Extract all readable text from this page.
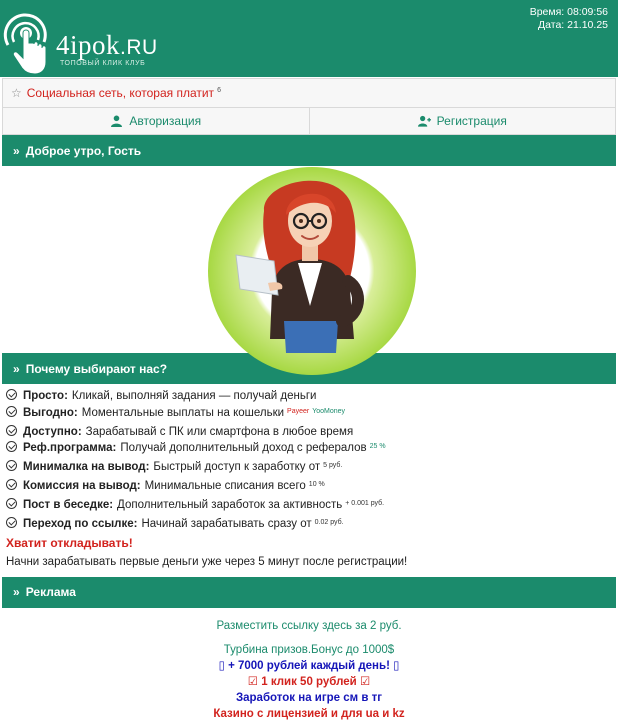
4ipok.RU
ТОПОВЫЙ КЛИК КЛУБ
Время: 08:09:56
Дата: 21.10.25
☆ Социальная сеть, которая платит $^6$
Авторизация	Регистрация
» Доброе утро, Гость
» Почему выбирают нас?
Просто: Кликай, выполняй задания — получай деньги
Выгодно: Моментальные выплаты на кошельки $^{Payeer}$ $^{YooMoney}$
Доступно: Зарабатывай с ПК или смартфона в любое время
Реф.программа: Получай дополнительный доход с рефералов $^{25 \%}$
Минималка на вывод: Быстрый доступ к заработку от $^{5 руб.}$
Комиссия на вывод: Минимальные списания всего $^{10 \%}$
Пост в беседке: Дополнительный заработок за активность $^{+ 0.001 руб.}$
Переход по ссылке: Начинай зарабатывать сразу от $^{0.02 руб.}$
Хватит откладывать!
Начни зарабатывать первые деньги уже через 5 минут после регистрации!
» Реклама
Разместить ссылку здесь за 2 руб.
Турбина призов.Бонус до 1000$
▯ + 7000 рублей каждый день! ▯
☑ 1 клик 50 рублей ☑
Заработок на игре см в тг
Казино с лицензией и для ua и kz
